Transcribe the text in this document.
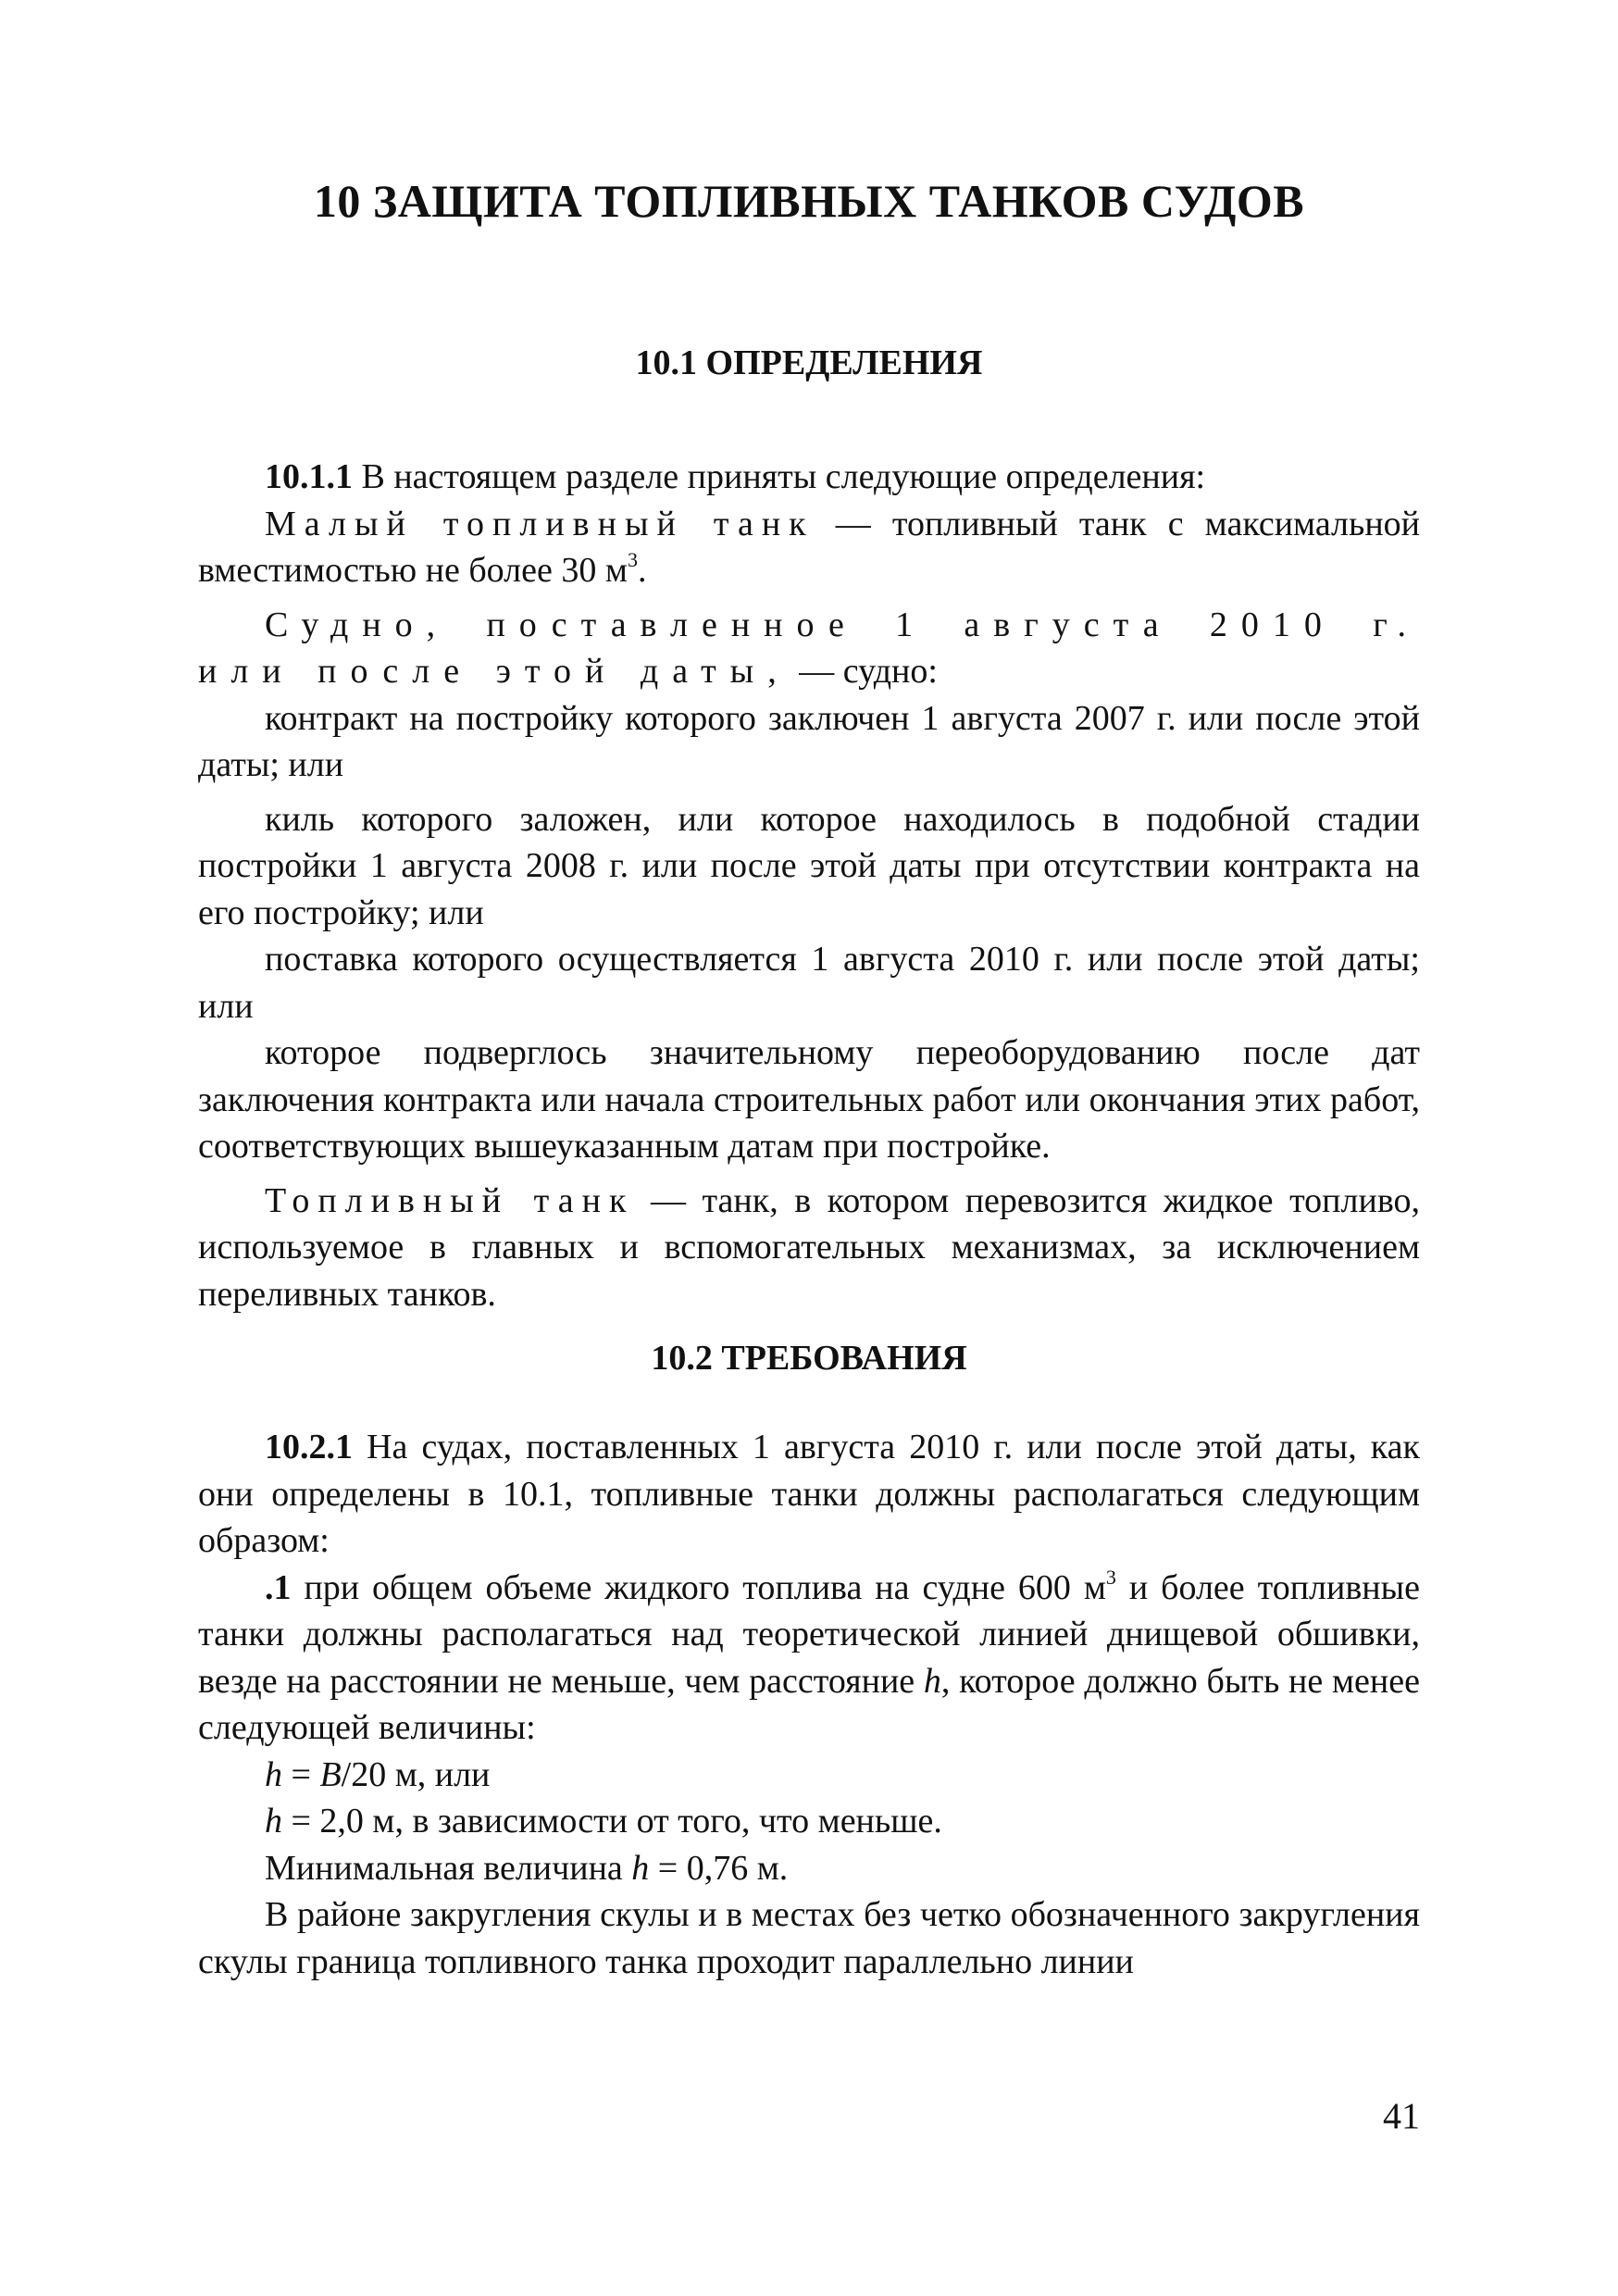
10 ЗАЩИТА ТОПЛИВНЫХ ТАНКОВ СУДОВ
10.1 ОПРЕДЕЛЕНИЯ

10.1.1 В настоящем разделе приняты следующие определения:

Малый топливный танк — топливный танк с максимальной вместимостью не более 30 $м^3$.

Судно, поставленное 1 августа 2010 г. или после этой даты, — судно:

контракт на постройку которого заключен 1 августа 2007 г. или после этой даты; или

киль которого заложен, или которое находилось в подобной стадии постройки 1 августа 2008 г. или после этой даты при отсутствии контракта на его постройку; или

поставка которого осуществляется 1 августа 2010 г. или после этой даты; или

которое подверглось значительному переоборудованию после дат заключения контракта или начала строительных работ или окончания этих работ, соответствующих вышеуказанным датам при постройке.

Топливный танк — танк, в котором перевозится жидкое топливо, используемое в главных и вспомогательных механизмах, за исключением переливных танков.

10.2 ТРЕБОВАНИЯ

10.2.1 На судах, поставленных 1 августа 2010 г. или после этой даты, как они определены в 10.1, топливные танки должны располагаться следующим образом:

.1 при общем объеме жидкого топлива на судне 600 $м^3$ и более топливные танки должны располагаться над теоретической линией днищевой обшивки, везде на расстоянии не меньше, чем расстояние h, которое должно быть не менее следующей величины:

h = B/20 м, или

h = 2,0 м, в зависимости от того, что меньше.

Минимальная величина h = 0,76 м.

В районе закругления скулы и в местах без четко обозначенного закругления скулы граница топливного танка проходит параллельно линии

41
